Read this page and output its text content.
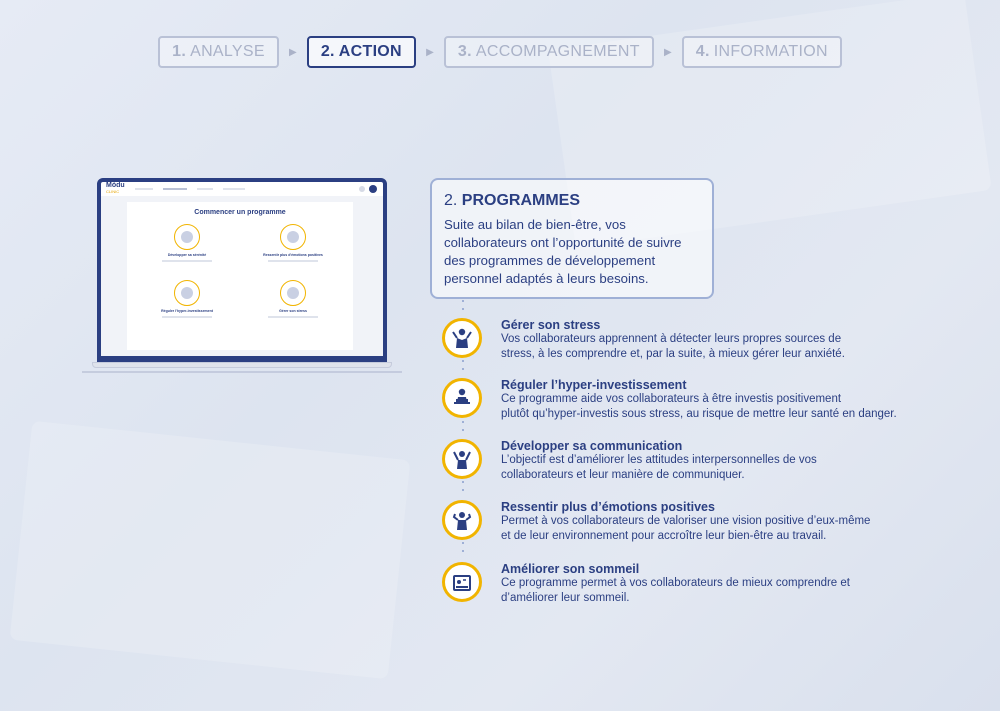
1. ANALYSE ▶ 2. ACTION ▶ 3. ACCOMPAGNEMENT ▶ 4. INFORMATION
Mòdu
CLINIC
Commencer un programme
Développer sa sérénité	Ressentir plus d'émotions positives
Réguler l'hyper-investissement	Gérer son stress
2. PROGRAMMES
Suite au bilan de bien-être, vos collaborateurs ont l’opportunité de suivre des programmes de développement personnel adaptés à leurs besoins.
Gérer son stress
Vos collaborateurs apprennent à détecter leurs propres sources de
stress, à les comprendre et, par la suite, à mieux gérer leur anxiété.
Réguler l’hyper-investissement
Ce programme aide vos collaborateurs à être investis positivement
plutôt qu’hyper-investis sous stress, au risque de mettre leur santé en danger.
Développer sa communication
L’objectif est d’améliorer les attitudes interpersonnelles de vos
collaborateurs et leur manière de communiquer.
Ressentir plus d’émotions positives
Permet à vos collaborateurs de valoriser une vision positive d’eux-même
et de leur environnement pour accroître leur bien-être au travail.
Améliorer son sommeil
Ce programme permet à vos collaborateurs de mieux comprendre et
d’améliorer leur sommeil.
